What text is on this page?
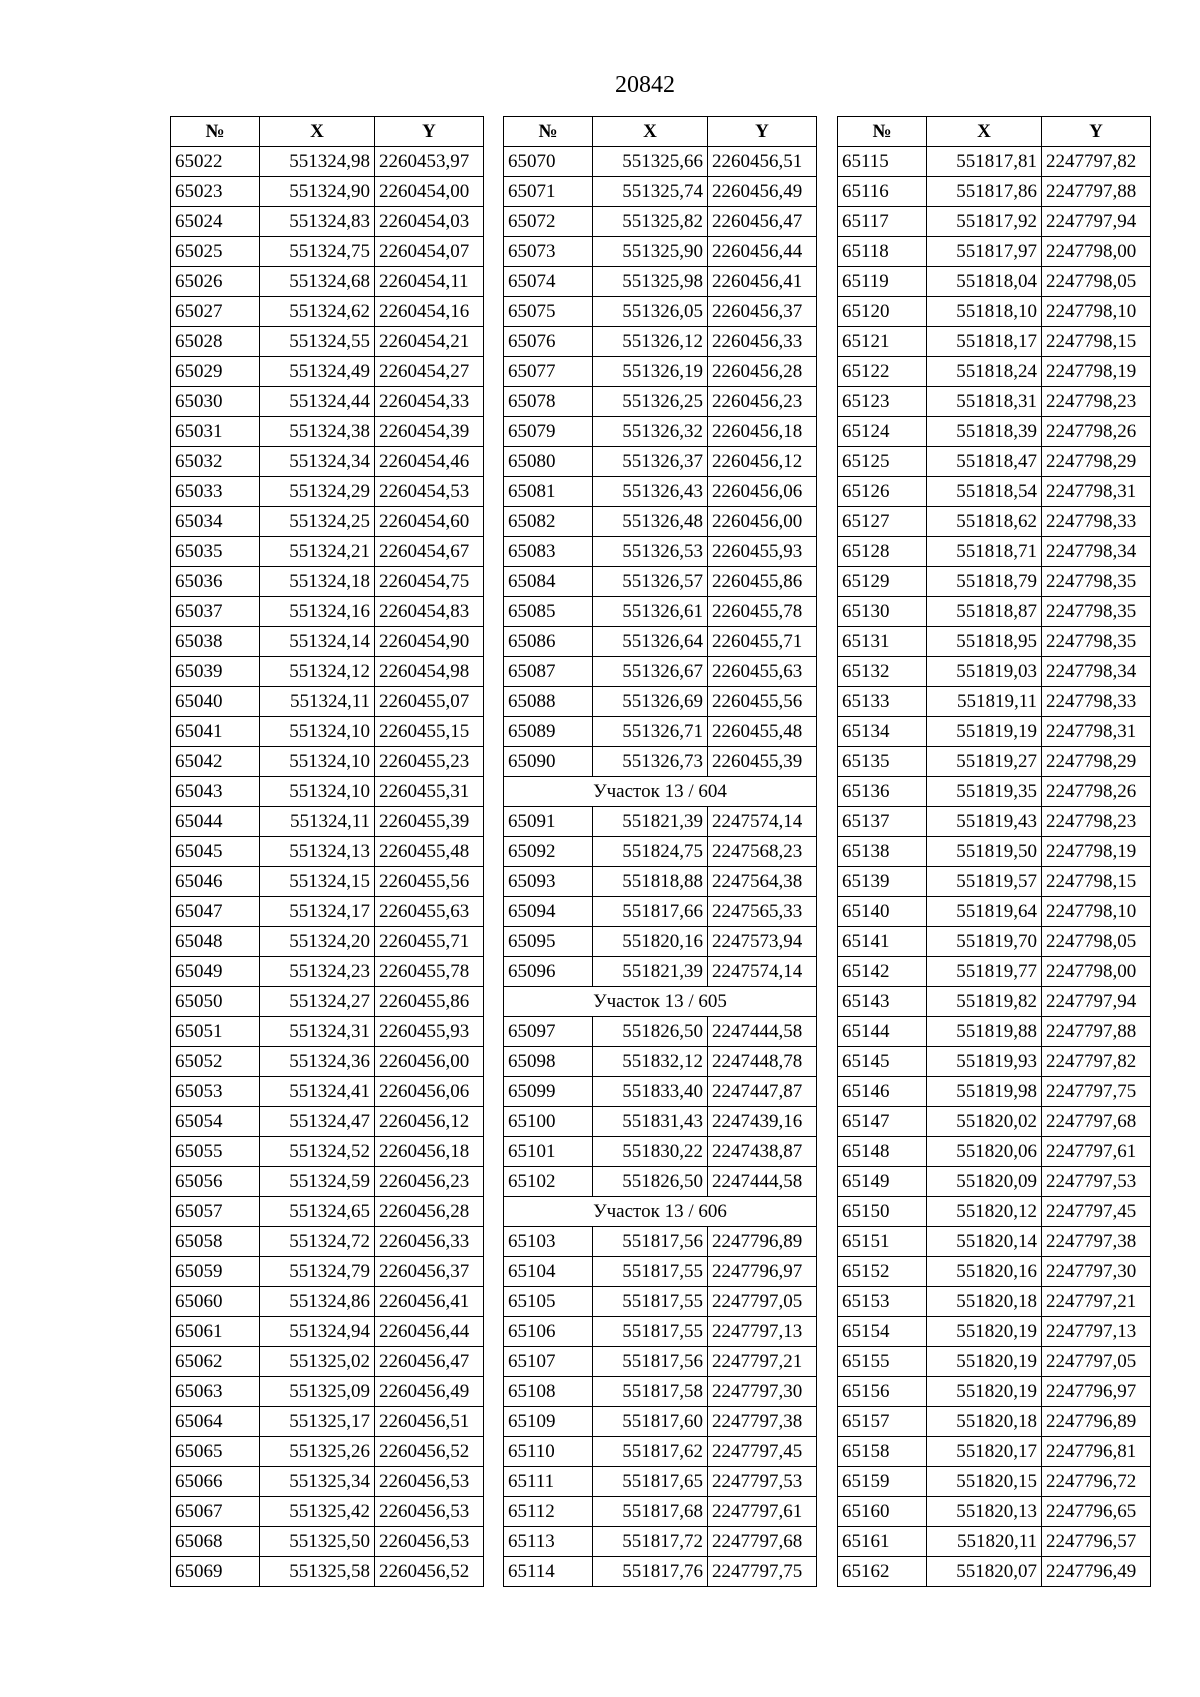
20842
№	X	Y
65022	551324,98	2260453,97
65023	551324,90	2260454,00
65024	551324,83	2260454,03
65025	551324,75	2260454,07
65026	551324,68	2260454,11
65027	551324,62	2260454,16
65028	551324,55	2260454,21
65029	551324,49	2260454,27
65030	551324,44	2260454,33
65031	551324,38	2260454,39
65032	551324,34	2260454,46
65033	551324,29	2260454,53
65034	551324,25	2260454,60
65035	551324,21	2260454,67
65036	551324,18	2260454,75
65037	551324,16	2260454,83
65038	551324,14	2260454,90
65039	551324,12	2260454,98
65040	551324,11	2260455,07
65041	551324,10	2260455,15
65042	551324,10	2260455,23
65043	551324,10	2260455,31
65044	551324,11	2260455,39
65045	551324,13	2260455,48
65046	551324,15	2260455,56
65047	551324,17	2260455,63
65048	551324,20	2260455,71
65049	551324,23	2260455,78
65050	551324,27	2260455,86
65051	551324,31	2260455,93
65052	551324,36	2260456,00
65053	551324,41	2260456,06
65054	551324,47	2260456,12
65055	551324,52	2260456,18
65056	551324,59	2260456,23
65057	551324,65	2260456,28
65058	551324,72	2260456,33
65059	551324,79	2260456,37
65060	551324,86	2260456,41
65061	551324,94	2260456,44
65062	551325,02	2260456,47
65063	551325,09	2260456,49
65064	551325,17	2260456,51
65065	551325,26	2260456,52
65066	551325,34	2260456,53
65067	551325,42	2260456,53
65068	551325,50	2260456,53
65069	551325,58	2260456,52
№	X	Y
65070	551325,66	2260456,51
65071	551325,74	2260456,49
65072	551325,82	2260456,47
65073	551325,90	2260456,44
65074	551325,98	2260456,41
65075	551326,05	2260456,37
65076	551326,12	2260456,33
65077	551326,19	2260456,28
65078	551326,25	2260456,23
65079	551326,32	2260456,18
65080	551326,37	2260456,12
65081	551326,43	2260456,06
65082	551326,48	2260456,00
65083	551326,53	2260455,93
65084	551326,57	2260455,86
65085	551326,61	2260455,78
65086	551326,64	2260455,71
65087	551326,67	2260455,63
65088	551326,69	2260455,56
65089	551326,71	2260455,48
65090	551326,73	2260455,39
Участок 13 / 604		
65091	551821,39	2247574,14
65092	551824,75	2247568,23
65093	551818,88	2247564,38
65094	551817,66	2247565,33
65095	551820,16	2247573,94
65096	551821,39	2247574,14
Участок 13 / 605		
65097	551826,50	2247444,58
65098	551832,12	2247448,78
65099	551833,40	2247447,87
65100	551831,43	2247439,16
65101	551830,22	2247438,87
65102	551826,50	2247444,58
Участок 13 / 606		
65103	551817,56	2247796,89
65104	551817,55	2247796,97
65105	551817,55	2247797,05
65106	551817,55	2247797,13
65107	551817,56	2247797,21
65108	551817,58	2247797,30
65109	551817,60	2247797,38
65110	551817,62	2247797,45
65111	551817,65	2247797,53
65112	551817,68	2247797,61
65113	551817,72	2247797,68
65114	551817,76	2247797,75
№	X	Y
65115	551817,81	2247797,82
65116	551817,86	2247797,88
65117	551817,92	2247797,94
65118	551817,97	2247798,00
65119	551818,04	2247798,05
65120	551818,10	2247798,10
65121	551818,17	2247798,15
65122	551818,24	2247798,19
65123	551818,31	2247798,23
65124	551818,39	2247798,26
65125	551818,47	2247798,29
65126	551818,54	2247798,31
65127	551818,62	2247798,33
65128	551818,71	2247798,34
65129	551818,79	2247798,35
65130	551818,87	2247798,35
65131	551818,95	2247798,35
65132	551819,03	2247798,34
65133	551819,11	2247798,33
65134	551819,19	2247798,31
65135	551819,27	2247798,29
65136	551819,35	2247798,26
65137	551819,43	2247798,23
65138	551819,50	2247798,19
65139	551819,57	2247798,15
65140	551819,64	2247798,10
65141	551819,70	2247798,05
65142	551819,77	2247798,00
65143	551819,82	2247797,94
65144	551819,88	2247797,88
65145	551819,93	2247797,82
65146	551819,98	2247797,75
65147	551820,02	2247797,68
65148	551820,06	2247797,61
65149	551820,09	2247797,53
65150	551820,12	2247797,45
65151	551820,14	2247797,38
65152	551820,16	2247797,30
65153	551820,18	2247797,21
65154	551820,19	2247797,13
65155	551820,19	2247797,05
65156	551820,19	2247796,97
65157	551820,18	2247796,89
65158	551820,17	2247796,81
65159	551820,15	2247796,72
65160	551820,13	2247796,65
65161	551820,11	2247796,57
65162	551820,07	2247796,49
